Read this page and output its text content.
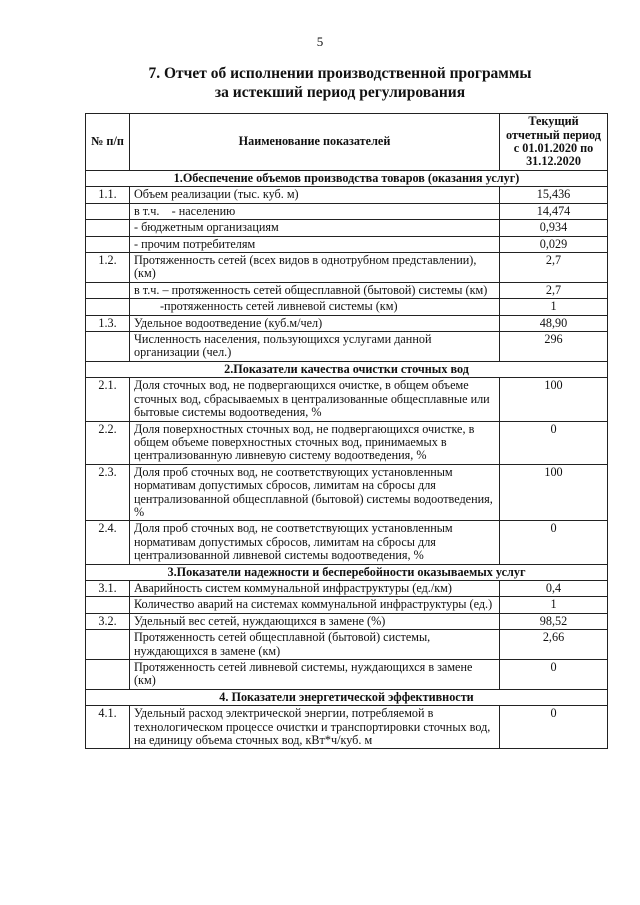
5
7. Отчет об исполнении производственной программы
за истекший период регулирования
№ п/п	Наименование показателей	Текущий отчетный период с 01.01.2020 по 31.12.2020
1.Обеспечение объемов производства товаров (оказания услуг)		
1.1.	Объем реализации (тыс. куб. м)	15,436
	в т.ч.    - населению	14,474
	- бюджетным организациям	0,934
	- прочим потребителям	0,029
1.2.	Протяженность сетей (всех видов в однотрубном представлении), (км)	2,7
	в т.ч. – протяженность сетей общесплавной (бытовой) системы (км)	2,7
	-протяженность сетей ливневой системы (км)	1
1.3.	Удельное водоотведение (куб.м/чел)	48,90
	Численность населения, пользующихся услугами данной организации (чел.)	296
2.Показатели качества очистки сточных вод		
2.1.	Доля сточных вод, не подвергающихся очистке, в общем объеме сточных вод, сбрасываемых в централизованные общесплавные или бытовые системы водоотведения, %	100
2.2.	Доля поверхностных сточных вод, не подвергающихся очистке, в общем объеме поверхностных сточных вод, принимаемых в централизованную ливневую систему водоотведения, %	0
2.3.	Доля проб сточных вод, не соответствующих установленным нормативам допустимых сбросов, лимитам на сбросы для централизованной общесплавной (бытовой) системы водоотведения, %	100
2.4.	Доля проб сточных вод, не соответствующих установленным нормативам допустимых сбросов, лимитам на сбросы для централизованной ливневой системы водоотведения, %	0
3.Показатели надежности и бесперебойности оказываемых услуг		
3.1.	Аварийность систем коммунальной инфраструктуры (ед./км)	0,4
	Количество аварий на системах коммунальной инфраструктуры (ед.)	1
3.2.	Удельный вес сетей, нуждающихся в замене (%)	98,52
	Протяженность сетей общесплавной (бытовой) системы, нуждающихся в замене (км)	2,66
	Протяженность сетей ливневой системы, нуждающихся в замене (км)	0
4. Показатели энергетической эффективности		
4.1.	Удельный расход электрической энергии, потребляемой в технологическом процессе очистки и транспортировки сточных вод, на единицу объема сточных вод, кВт*ч/куб. м	0
